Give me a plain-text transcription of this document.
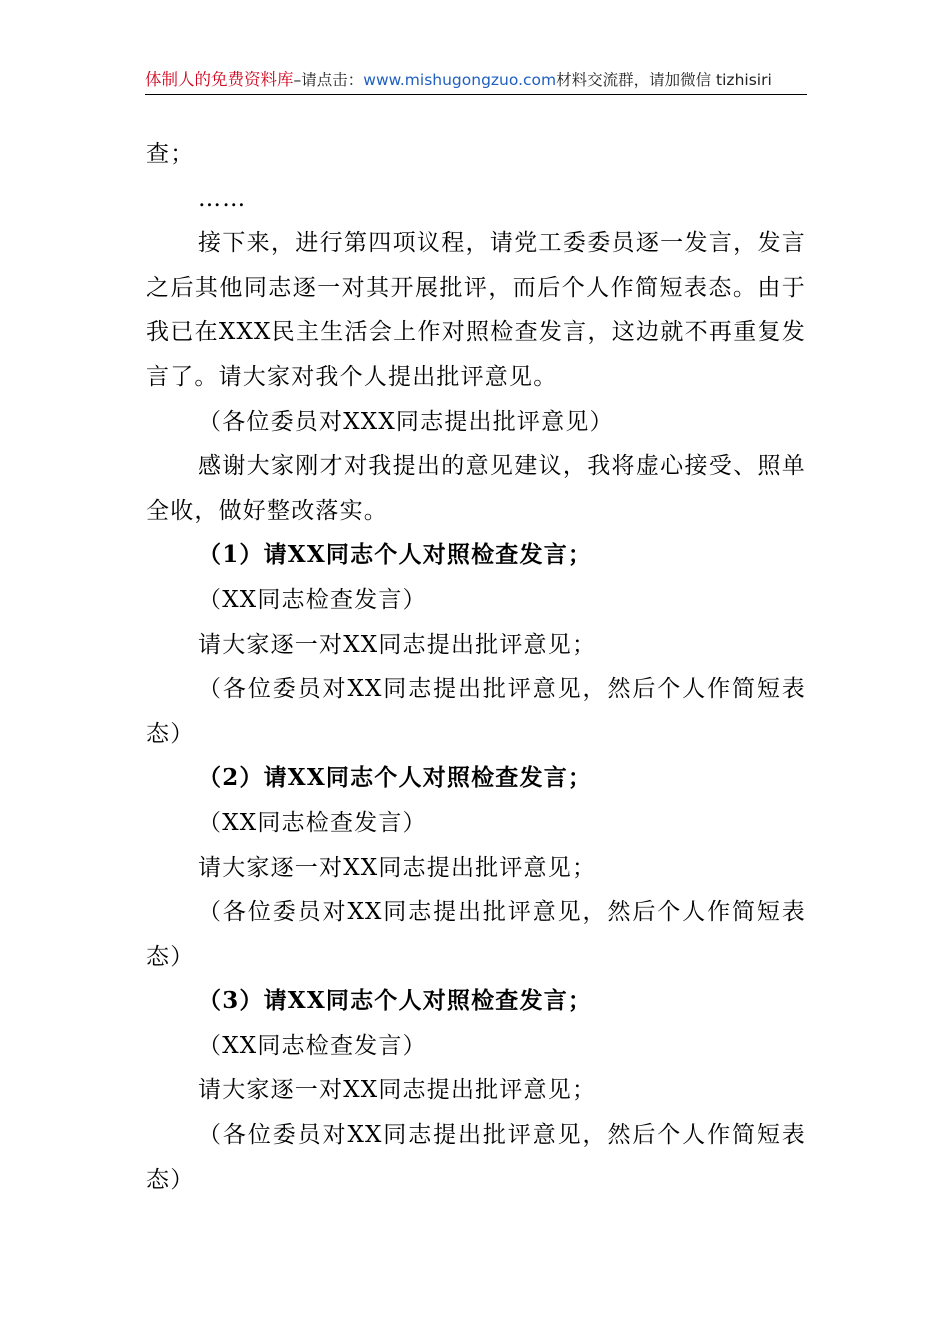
体制人的免费资料库–请点击：www.mishugongzuo.com材料交流群，请加微信 tizhisiri

查；

……

接下来，进行第四项议程，请党工委委员逐一发言，发言之后其他同志逐一对其开展批评，而后个人作简短表态。由于我已在XXX民主生活会上作对照检查发言，这边就不再重复发言了。请大家对我个人提出批评意见。

（各位委员对XXX同志提出批评意见）

感谢大家刚才对我提出的意见建议，我将虚心接受、照单全收，做好整改落实。

（1）请XX同志个人对照检查发言；

（XX同志检查发言）

请大家逐一对XX同志提出批评意见；

（各位委员对XX同志提出批评意见，然后个人作简短表态）

（2）请XX同志个人对照检查发言；

（XX同志检查发言）

请大家逐一对XX同志提出批评意见；

（各位委员对XX同志提出批评意见，然后个人作简短表态）

（3）请XX同志个人对照检查发言；

（XX同志检查发言）

请大家逐一对XX同志提出批评意见；

（各位委员对XX同志提出批评意见，然后个人作简短表态）
